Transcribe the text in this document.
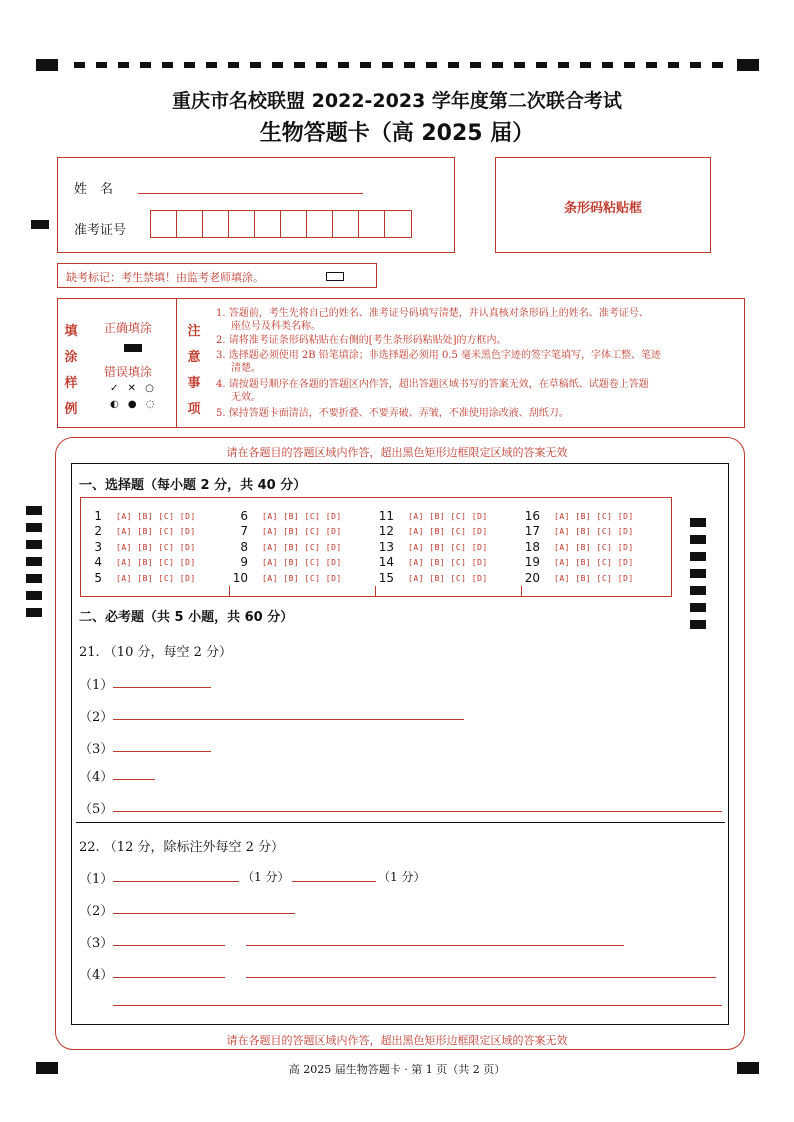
重庆市名校联盟 2022-2023 学年度第二次联合考试
生物答题卡（高 2025 届）
姓　名
准考证号
条形码粘贴框
缺考标记：考生禁填！由监考老师填涂。
填
涂
样
例
正确填涂
错误填涂
✓ ✕ ○
◐ ● ◌
注
意
事
项
1. 答题前，考生先将自己的姓名、准考证号码填写清楚，并认真核对条形码上的姓名、准考证号、
座位号及科类名称。
2. 请将准考证条形码粘贴在右侧的[考生条形码粘贴处]的方框内。
3. 选择题必须使用 2B 铅笔填涂；非选择题必须用 0.5 毫米黑色字迹的签字笔填写，字体工整、笔迹
清楚。
4. 请按题号顺序在各题的答题区内作答，超出答题区域书写的答案无效，在草稿纸、试题卷上答题
无效。
5. 保持答题卡面清洁，不要折叠、不要弄破、弄皱，不准使用涂改液、刮纸刀。
请在各题目的答题区域内作答，超出黑色矩形边框限定区域的答案无效
一、选择题（每小题 2 分，共 40 分）
1 [A] [B] [C] [D]
2 [A] [B] [C] [D]
3 [A] [B] [C] [D]
4 [A] [B] [C] [D]
5 [A] [B] [C] [D]
6 [A] [B] [C] [D]
7 [A] [B] [C] [D]
8 [A] [B] [C] [D]
9 [A] [B] [C] [D]
10 [A] [B] [C] [D]
11 [A] [B] [C] [D]
12 [A] [B] [C] [D]
13 [A] [B] [C] [D]
14 [A] [B] [C] [D]
15 [A] [B] [C] [D]
16 [A] [B] [C] [D]
17 [A] [B] [C] [D]
18 [A] [B] [C] [D]
19 [A] [B] [C] [D]
20 [A] [B] [C] [D]
二、必考题（共 5 小题，共 60 分）
21. （10 分，每空 2 分）
（1）
（2）
（3）
（4）
（5）
22. （12 分，除标注外每空 2 分）
（1）	（1 分）	（1 分）
（2）
（3）
（4）
请在各题目的答题区域内作答，超出黑色矩形边框限定区域的答案无效
高 2025 届生物答题卡 · 第 1 页（共 2 页）
